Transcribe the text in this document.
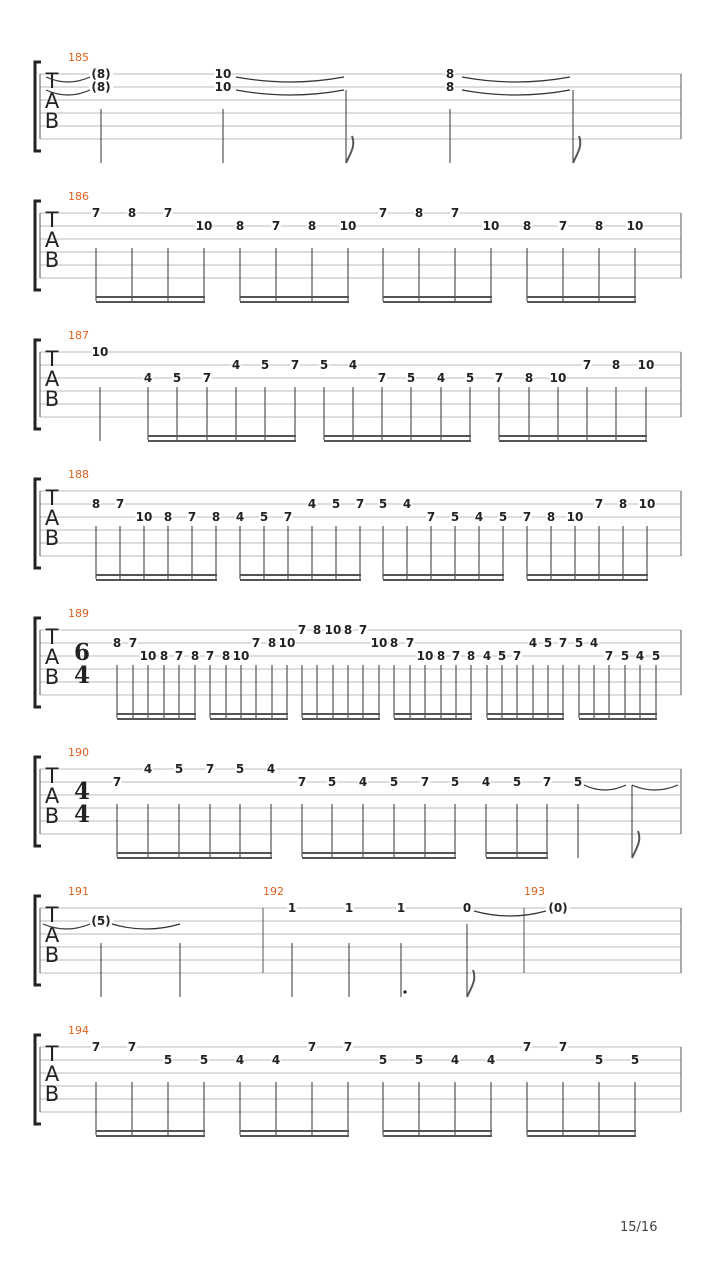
T
A
B
185
(8)
(8)
10
10
8
8
T
A
B
186
7 8 7
10 8 7 8 10
7 8 7
10 8 7 8 10
T
A
B
187
10
4 5 7
4 5 7 5 4
7 5 4 5 7 8 10
7 8 10
T
A
B
188
8 7
10 8 7 8 4 5 7
4 5 7 5 4
7 5 4 5 7 8 10
7 8 10
T
A
B
6
4
189
8 7
10 8 7 8 7 8 10
7 8 10
7 8 10 8 7
10 8 7
10 8 7 8 4 5 7
4 5 7 5 4
7 5 4 5
T
A
B
4
4
190
7
4 5 7 5 4
7 5 4 5 7 5 4 5 7 5
T
A
B
191
(5)
192
1	1	1	0
193
(0)
T
A
B
194
7 7
5 5 4 4
7 7
5 5 4 4
7 7
5 5
15/16
